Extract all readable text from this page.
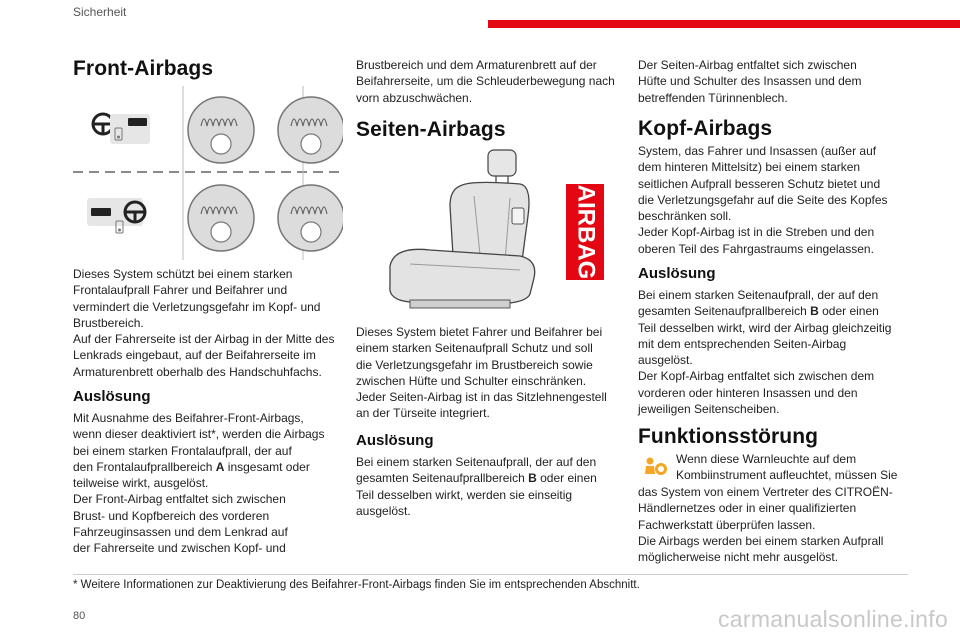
Sicherheit
Front-Airbags
Dieses System schützt bei einem starken
Frontalaufprall Fahrer und Beifahrer und
vermindert die Verletzungsgefahr im Kopf- und
Brustbereich.
Auf der Fahrerseite ist der Airbag in der Mitte des
Lenkrads eingebaut, auf der Beifahrerseite im
Armaturenbrett oberhalb des Handschuhfachs.
Auslösung
Mit Ausnahme des Beifahrer-Front-Airbags,
wenn dieser deaktiviert ist*, werden die Airbags
bei einem starken Frontalaufprall, der auf
den Frontalaufprallbereich A insgesamt oder
teilweise wirkt, ausgelöst.
Der Front-Airbag entfaltet sich zwischen
Brust- und Kopfbereich des vorderen
Fahrzeuginsassen und dem Lenkrad auf
der Fahrerseite und zwischen Kopf- und
Brustbereich und dem Armaturenbrett auf der
Beifahrerseite, um die Schleuderbewegung nach
vorn abzuschwächen.
Seiten-Airbags
AIRBAG
Dieses System bietet Fahrer und Beifahrer bei
einem starken Seitenaufprall Schutz und soll
die Verletzungsgefahr im Brustbereich sowie
zwischen Hüfte und Schulter einschränken.
Jeder Seiten-Airbag ist in das Sitzlehnengestell
an der Türseite integriert.
Auslösung
Bei einem starken Seitenaufprall, der auf den
gesamten Seitenaufprallbereich B oder einen
Teil desselben wirkt, werden sie einseitig
ausgelöst.
Der Seiten-Airbag entfaltet sich zwischen
Hüfte und Schulter des Insassen und dem
betreffenden Türinnenblech.
Kopf-Airbags
System, das Fahrer und Insassen (außer auf
dem hinteren Mittelsitz) bei einem starken
seitlichen Aufprall besseren Schutz bietet und
die Verletzungsgefahr auf die Seite des Kopfes
beschränken soll.
Jeder Kopf-Airbag ist in die Streben und den
oberen Teil des Fahrgastraums eingelassen.
Auslösung
Bei einem starken Seitenaufprall, der auf den
gesamten Seitenaufprallbereich B oder einen
Teil desselben wirkt, wird der Airbag gleichzeitig
mit dem entsprechenden Seiten-Airbag
ausgelöst.
Der Kopf-Airbag entfaltet sich zwischen dem
vorderen oder hinteren Insassen und den
jeweiligen Seitenscheiben.
Funktionsstörung
Wenn diese Warnleuchte auf dem
Kombiinstrument aufleuchtet, müssen Sie
das System von einem Vertreter des CITROËN-
Händlernetzes oder in einer qualifizierten
Fachwerkstatt überprüfen lassen.
Die Airbags werden bei einem starken Aufprall
möglicherweise nicht mehr ausgelöst.
* Weitere Informationen zur Deaktivierung des Beifahrer-Front-Airbags finden Sie im entsprechenden Abschnitt.
80	carmanualsonline.info
